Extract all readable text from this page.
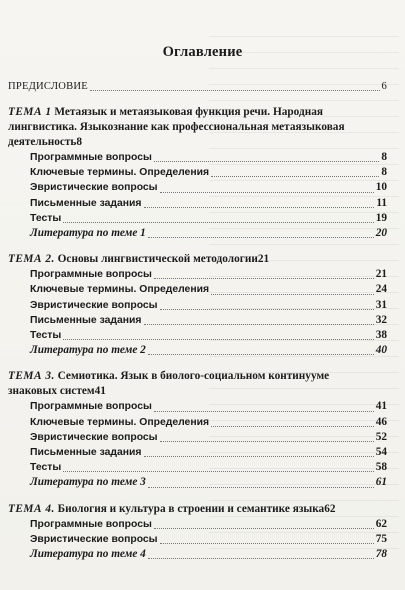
Оглавление
ПРЕДИСЛОВИЕ	6
ТЕМА 1 Метаязык и метаязыковая функция речи. Народная
лингвистика. Языкознание как профессиональная метаязыковая
деятельность 8
Программные вопросы	8
Ключевые термины. Определения	8
Эвристические вопросы	10
Письменные задания	11
Тесты	19
Литература по теме 1	20
ТЕМА 2. Основы лингвистической методологии 21
Программные вопросы	21
Ключевые термины. Определения	24
Эвристические вопросы	31
Письменные задания	32
Тесты	38
Литература по теме 2	40
ТЕМА 3. Семиотика. Язык в биолого-социальном континууме
знаковых систем 41
Программные вопросы	41
Ключевые термины. Определения	46
Эвристические вопросы	52
Письменные задания	54
Тесты	58
Литература по теме 3	61
ТЕМА 4. Биология и культура в строении и семантике языка 62
Программные вопросы	62
Эвристические вопросы	75
Литература по теме 4	78
